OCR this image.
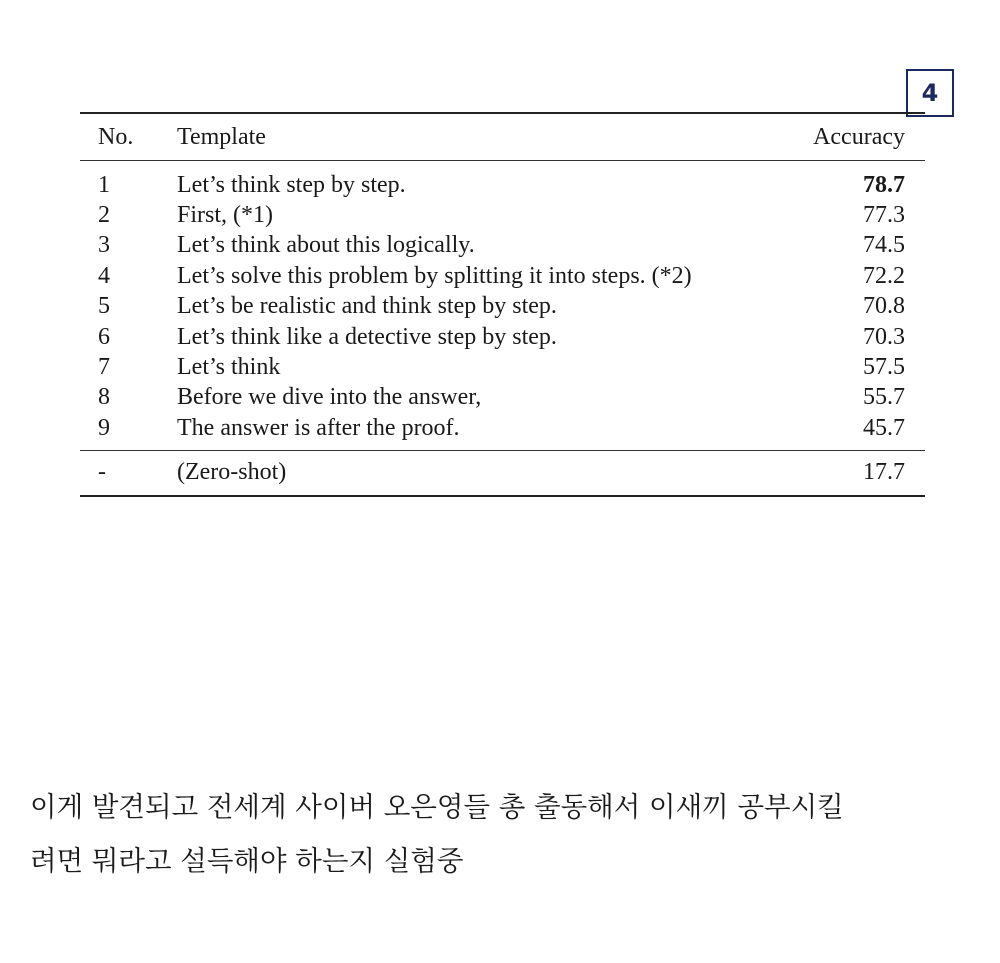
4
No.	Template	Accuracy
1	Let’s think step by step.	78.7
2	First, (*1)	77.3
3	Let’s think about this logically.	74.5
4	Let’s solve this problem by splitting it into steps. (*2)	72.2
5	Let’s be realistic and think step by step.	70.8
6	Let’s think like a detective step by step.	70.3
7	Let’s think	57.5
8	Before we dive into the answer,	55.7
9	The answer is after the proof.	45.7
-	(Zero-shot)	17.7
이게 발견되고 전세계 사이버 오은영들 총 출동해서 이새끼 공부시킬
려면 뭐라고 설득해야 하는지 실험중
